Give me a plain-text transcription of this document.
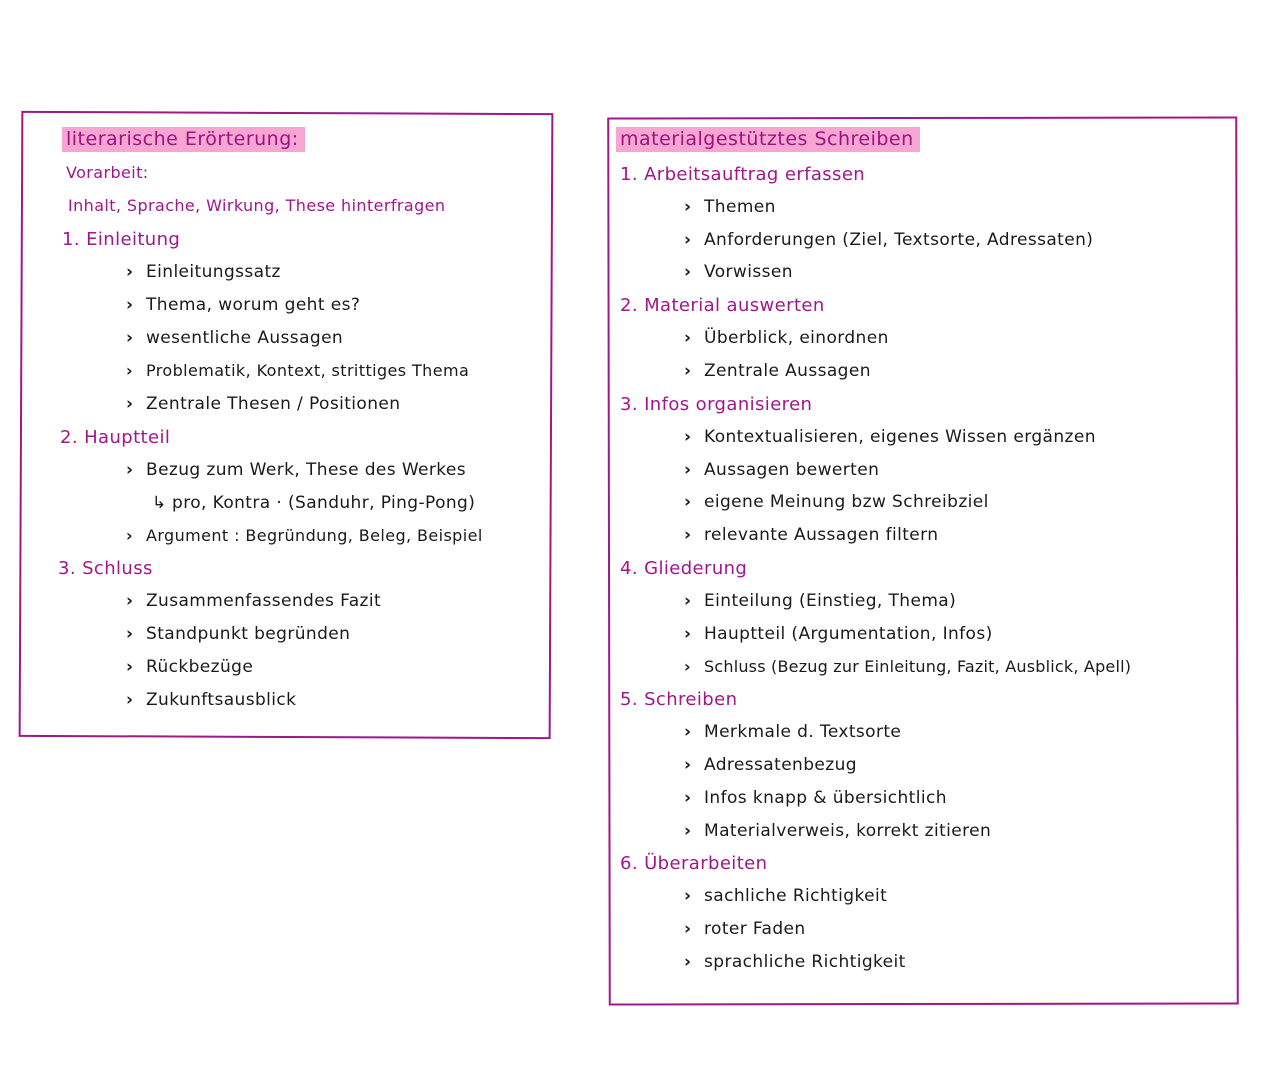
literarische Erörterung:
Vorarbeit:
Inhalt, Sprache, Wirkung, These hinterfragen
1. Einleitung
› Einleitungssatz
› Thema, worum geht es?
› wesentliche Aussagen
› Problematik, Kontext, strittiges Thema
› Zentrale Thesen / Positionen
2. Hauptteil
› Bezug zum Werk, These des Werkes
↳ pro, Kontra · (Sanduhr, Ping-Pong)
› Argument : Begründung, Beleg, Beispiel
3. Schluss
› Zusammenfassendes Fazit
› Standpunkt begründen
› Rückbezüge
› Zukunftsausblick
materialgestütztes Schreiben
1. Arbeitsauftrag erfassen
› Themen
› Anforderungen (Ziel, Textsorte, Adressaten)
› Vorwissen
2. Material auswerten
› Überblick, einordnen
› Zentrale Aussagen
3. Infos organisieren
› Kontextualisieren, eigenes Wissen ergänzen
› Aussagen bewerten
› eigene Meinung bzw Schreibziel
› relevante Aussagen filtern
4. Gliederung
› Einteilung (Einstieg, Thema)
› Hauptteil (Argumentation, Infos)
› Schluss (Bezug zur Einleitung, Fazit, Ausblick, Apell)
5. Schreiben
› Merkmale d. Textsorte
› Adressatenbezug
› Infos knapp & übersichtlich
› Materialverweis, korrekt zitieren
6. Überarbeiten
› sachliche Richtigkeit
› roter Faden
› sprachliche Richtigkeit
